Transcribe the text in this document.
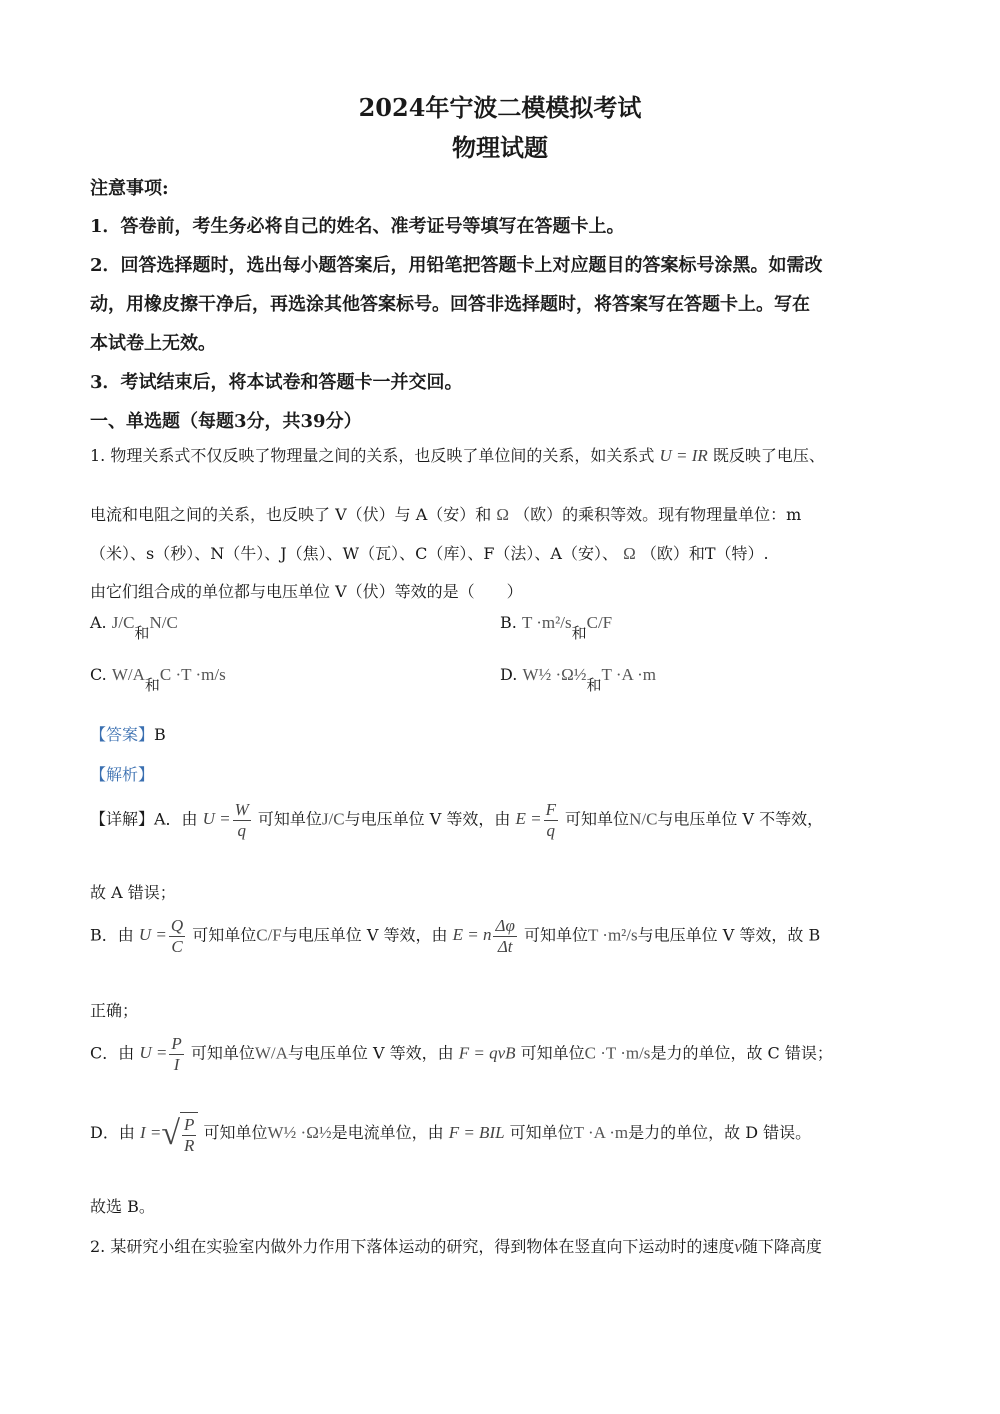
2024年宁波二模模拟考试
物理试题
注意事项:
1．答卷前，考生务必将自己的姓名、准考证号等填写在答题卡上。
2．回答选择题时，选出每小题答案后，用铅笔把答题卡上对应题目的答案标号涂黑。如需改
动，用橡皮擦干净后，再选涂其他答案标号。回答非选择题时，将答案写在答题卡上。写在
本试卷上无效。
3．考试结束后，将本试卷和答题卡一并交回。
一、单选题（每题3分，共39分）
1. 物理关系式不仅反映了物理量之间的关系，也反映了单位间的关系，如关系式 U = IR 既反映了电压、
电流和电阻之间的关系，也反映了 V（伏）与 A（安）和 Ω （欧）的乘积等效。现有物理量单位：m
（米）、s（秒）、N（牛）、J（焦）、W（瓦）、C（库）、F（法）、A（安）、 Ω （欧）和T（特）.
由它们组合成的单位都与电压单位 V（伏）等效的是（　　）
A. J/C和N/C	B. T ·m²/s和C/F
C. W/A和C ·T ·m/s	D. W½ ·Ω½和T ·A ·m
【答案】B
【解析】
【详解】A．由 $U = \frac{W}{q}$ 可知单位J/C与电压单位 V 等效，由 $E = \frac{F}{q}$ 可知单位N/C与电压单位 V 不等效，
故 A 错误；
B．由 $U = \frac{Q}{C}$ 可知单位C/F与电压单位 V 等效，由 E = n $\frac{\Delta\varphi}{\Delta t}$ 可知单位T ·m²/s与电压单位 V 等效，故 B
正确；
C．由 $U = \frac{P}{I}$ 可知单位W/A与电压单位 V 等效，由 F = qvB 可知单位C ·T ·m/s是力的单位，故 C 错误；
D．由 I =√ $\frac{P}{R}$ 可知单位W½ ·Ω½是电流单位，由 F = BIL 可知单位T ·A ·m是力的单位，故 D 错误。
故选 B。
2. 某研究小组在实验室内做外力作用下落体运动的研究，得到物体在竖直向下运动时的速度v随下降高度
